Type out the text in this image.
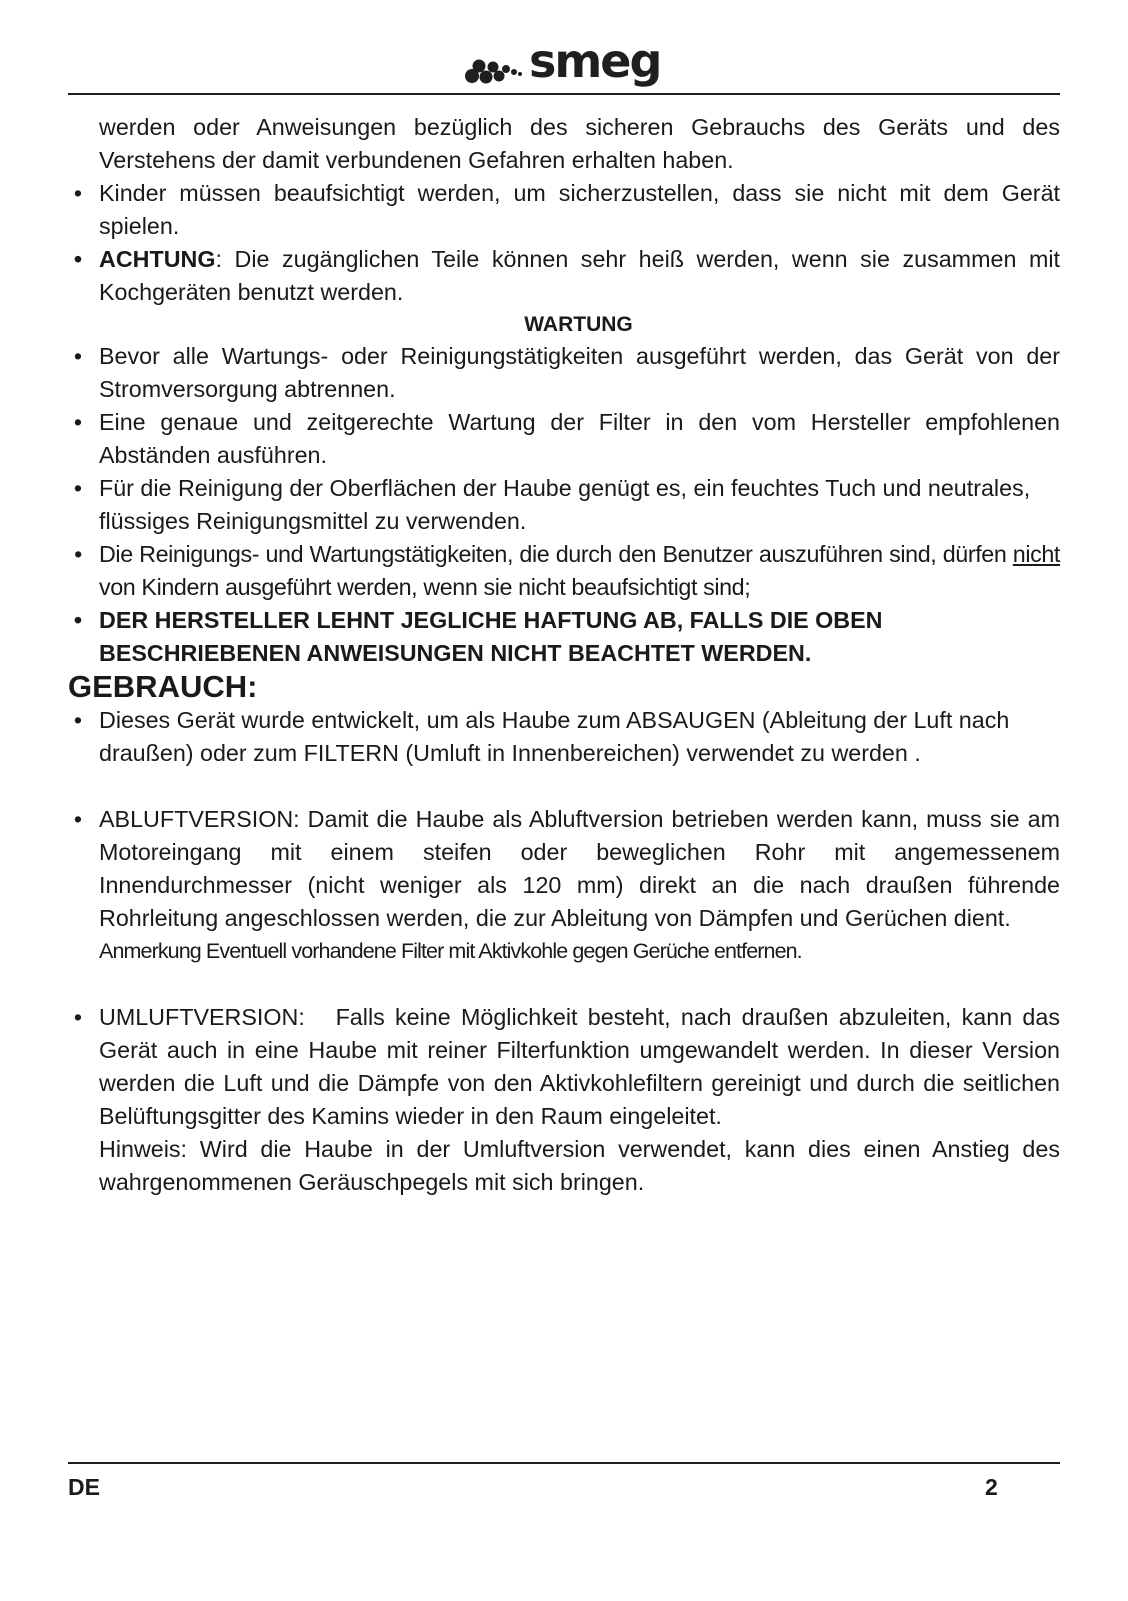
smeg
werden oder Anweisungen bezüglich des sicheren Gebrauchs des Geräts und des Verstehens der damit verbundenen Gefahren erhalten haben.
• Kinder müssen beaufsichtigt werden, um sicherzustellen, dass sie nicht mit dem Gerät spielen.
• ACHTUNG: Die zugänglichen Teile können sehr heiß werden, wenn sie zusammen mit Kochgeräten benutzt werden.
WARTUNG
• Bevor alle Wartungs- oder Reinigungstätigkeiten ausgeführt werden, das Gerät von der Stromversorgung abtrennen.
• Eine genaue und zeitgerechte Wartung der Filter in den vom Hersteller empfohlenen Abständen ausführen.
• Für die Reinigung der Oberflächen der Haube genügt es, ein feuchtes Tuch und neutrales, flüssiges Reinigungsmittel zu verwenden.
• Die Reinigungs- und Wartungstätigkeiten, die durch den Benutzer auszuführen sind, dürfen nicht von Kindern ausgeführt werden, wenn sie nicht beaufsichtigt sind;
• DER HERSTELLER LEHNT JEGLICHE HAFTUNG AB, FALLS DIE OBEN BESCHRIEBENEN ANWEISUNGEN NICHT BEACHTET WERDEN.
GEBRAUCH:
• Dieses Gerät wurde entwickelt, um als Haube zum ABSAUGEN (Ableitung der Luft nach draußen) oder zum FILTERN (Umluft in Innenbereichen) verwendet zu werden .
• ABLUFTVERSION: Damit die Haube als Abluftversion betrieben werden kann, muss sie am Motoreingang mit einem steifen oder beweglichen Rohr mit angemessenem Innendurchmesser (nicht weniger als 120 mm) direkt an die nach draußen führende Rohrleitung angeschlossen werden, die zur Ableitung von Dämpfen und Gerüchen dient.
Anmerkung Eventuell vorhandene Filter mit Aktivkohle gegen Gerüche entfernen.
• UMLUFTVERSION:   Falls keine Möglichkeit besteht, nach draußen abzuleiten, kann das Gerät auch in eine Haube mit reiner Filterfunktion umgewandelt werden. In dieser Version werden die Luft und die Dämpfe von den Aktivkohlefiltern gereinigt und durch die seitlichen Belüftungsgitter des Kamins wieder in den Raum eingeleitet.
Hinweis: Wird die Haube in der Umluftversion verwendet, kann dies einen Anstieg des wahrgenommenen Geräuschpegels mit sich bringen.
DE	2
